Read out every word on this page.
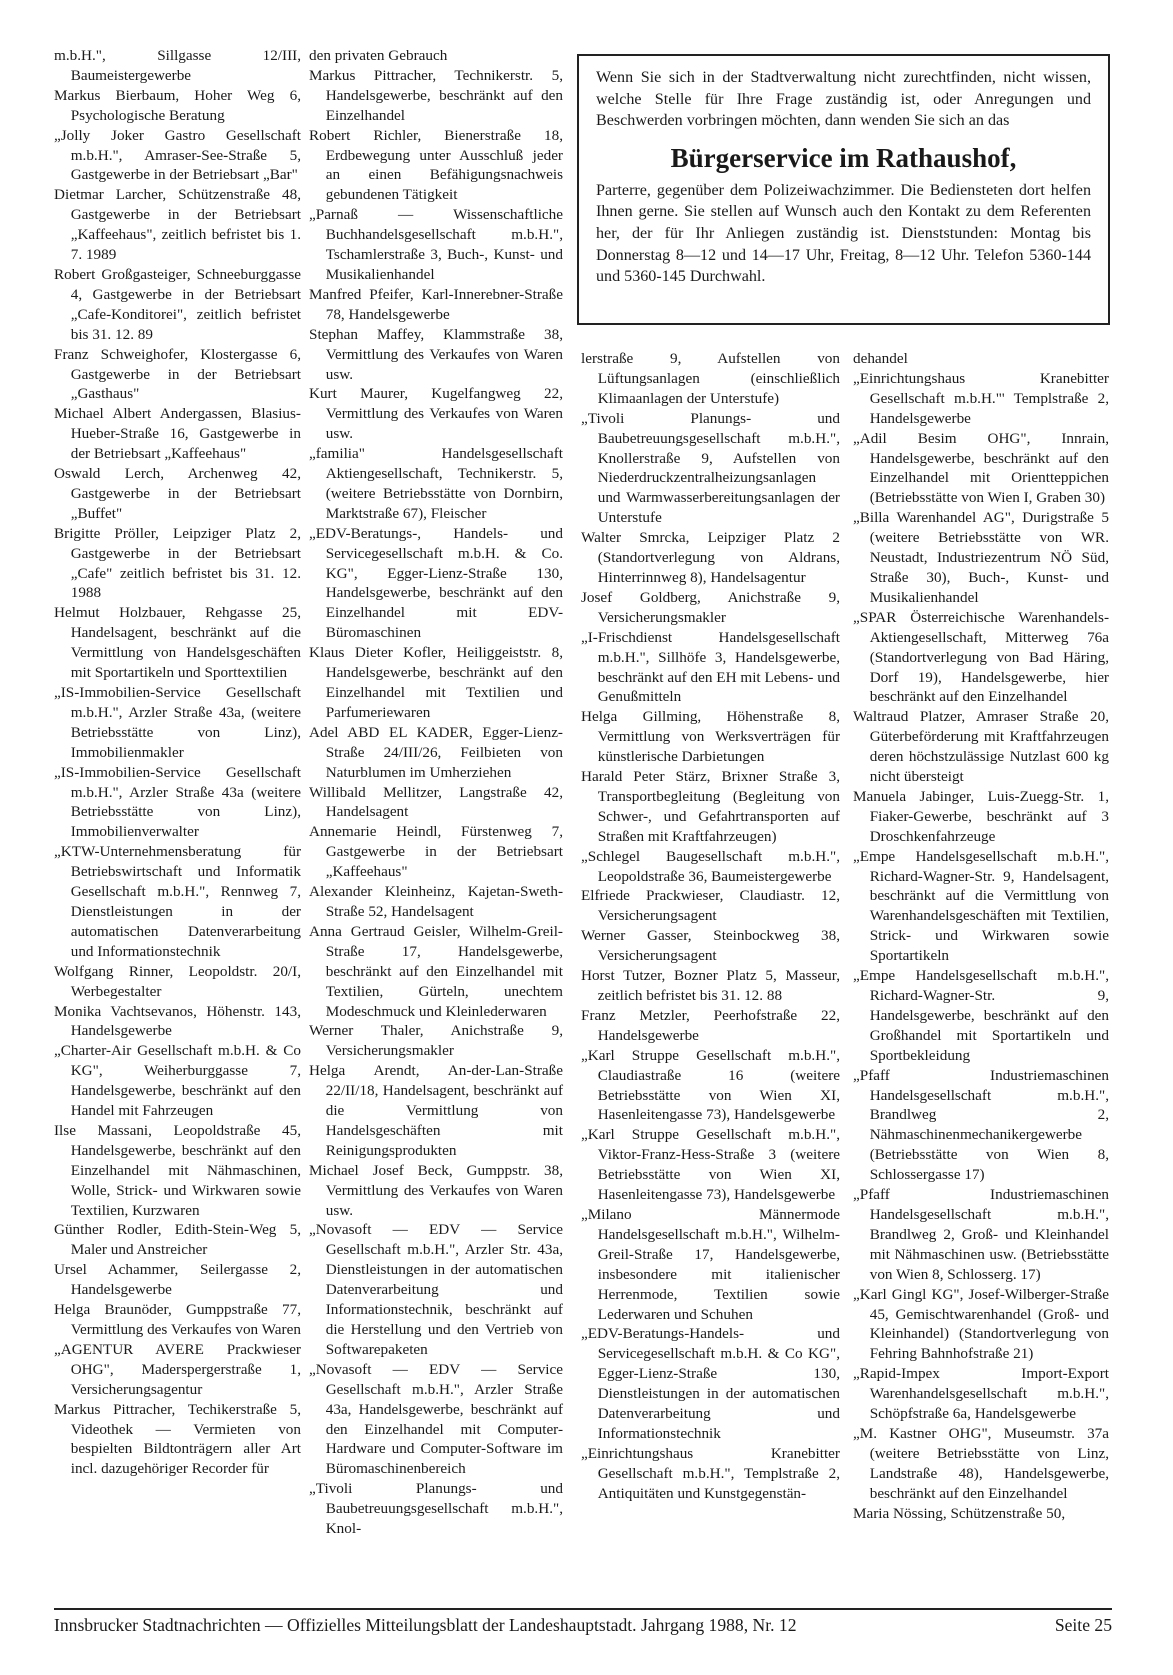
m.b.H.", Sillgasse 12/III, Baumeistergewerbe

Markus Bierbaum, Hoher Weg 6, Psychologische Beratung

„Jolly Joker Gastro Gesellschaft m.b.H.", Amraser-See-Straße 5, Gastgewerbe in der Betriebsart „Bar"

Dietmar Larcher, Schützenstraße 48, Gastgewerbe in der Betriebsart „Kaffeehaus", zeitlich befristet bis 1. 7. 1989

Robert Großgasteiger, Schneeburggasse 4, Gastgewerbe in der Betriebsart „Cafe-Konditorei", zeitlich befristet bis 31. 12. 89

Franz Schweighofer, Klostergasse 6, Gastgewerbe in der Betriebsart „Gasthaus"

Michael Albert Andergassen, Blasius-Hueber-Straße 16, Gastgewerbe in der Betriebsart „Kaffeehaus"

Oswald Lerch, Archenweg 42, Gastgewerbe in der Betriebsart „Buffet"

Brigitte Pröller, Leipziger Platz 2, Gastgewerbe in der Betriebsart „Cafe" zeitlich befristet bis 31. 12. 1988

Helmut Holzbauer, Rehgasse 25, Handelsagent, beschränkt auf die Vermittlung von Handelsgeschäften mit Sportartikeln und Sporttextilien

„IS-Immobilien-Service Gesellschaft m.b.H.", Arzler Straße 43a, (weitere Betriebsstätte von Linz), Immobilienmakler

„IS-Immobilien-Service Gesellschaft m.b.H.", Arzler Straße 43a (weitere Betriebsstätte von Linz), Immobilienverwalter

„KTW-Unternehmensberatung für Betriebswirtschaft und Informatik Gesellschaft m.b.H.", Rennweg 7, Dienstleistungen in der automatischen Datenverarbeitung und Informationstechnik

Wolfgang Rinner, Leopoldstr. 20/I, Werbegestalter

Monika Vachtsevanos, Höhenstr. 143, Handelsgewerbe

„Charter-Air Gesellschaft m.b.H. & Co KG", Weiherburggasse 7, Handelsgewerbe, beschränkt auf den Handel mit Fahrzeugen

Ilse Massani, Leopoldstraße 45, Handelsgewerbe, beschränkt auf den Einzelhandel mit Nähmaschinen, Wolle, Strick- und Wirkwaren sowie Textilien, Kurzwaren

Günther Rodler, Edith-Stein-Weg 5, Maler und Anstreicher

Ursel Achammer, Seilergasse 2, Handelsgewerbe

Helga Braunöder, Gumppstraße 77, Vermittlung des Verkaufes von Waren

„AGENTUR AVERE Prackwieser OHG", Maderspergerstraße 1, Versicherungsagentur

Markus Pittracher, Techikerstraße 5, Videothek — Vermieten von bespielten Bildtonträgern aller Art incl. dazugehöriger Recorder für

den privaten Gebrauch

Markus Pittracher, Technikerstr. 5, Handelsgewerbe, beschränkt auf den Einzelhandel

Robert Richler, Bienerstraße 18, Erdbewegung unter Ausschluß jeder an einen Befähigungsnachweis gebundenen Tätigkeit

„Parnaß — Wissenschaftliche Buchhandelsgesellschaft m.b.H.", Tschamlerstraße 3, Buch-, Kunst- und Musikalienhandel

Manfred Pfeifer, Karl-Innerebner-Straße 78, Handelsgewerbe

Stephan Maffey, Klammstraße 38, Vermittlung des Verkaufes von Waren usw.

Kurt Maurer, Kugelfangweg 22, Vermittlung des Verkaufes von Waren usw.

„familia" Handelsgesellschaft Aktiengesellschaft, Technikerstr. 5, (weitere Betriebsstätte von Dornbirn, Marktstraße 67), Fleischer

„EDV-Beratungs-, Handels- und Servicegesellschaft m.b.H. & Co. KG", Egger-Lienz-Straße 130, Handelsgewerbe, beschränkt auf den Einzelhandel mit EDV-Büromaschinen

Klaus Dieter Kofler, Heiliggeiststr. 8, Handelsgewerbe, beschränkt auf den Einzelhandel mit Textilien und Parfumeriewaren

Adel ABD EL KADER, Egger-Lienz-Straße 24/III/26, Feilbieten von Naturblumen im Umherziehen

Willibald Mellitzer, Langstraße 42, Handelsagent

Annemarie Heindl, Fürstenweg 7, Gastgewerbe in der Betriebsart „Kaffeehaus"

Alexander Kleinheinz, Kajetan-Sweth-Straße 52, Handelsagent

Anna Gertraud Geisler, Wilhelm-Greil-Straße 17, Handelsgewerbe, beschränkt auf den Einzelhandel mit Textilien, Gürteln, unechtem Modeschmuck und Kleinlederwaren

Werner Thaler, Anichstraße 9, Versicherungsmakler

Helga Arendt, An-der-Lan-Straße 22/II/18, Handelsagent, beschränkt auf die Vermittlung von Handelsgeschäften mit Reinigungsprodukten

Michael Josef Beck, Gumppstr. 38, Vermittlung des Verkaufes von Waren usw.

„Novasoft — EDV — Service Gesellschaft m.b.H.", Arzler Str. 43a, Dienstleistungen in der automatischen Datenverarbeitung und Informationstechnik, beschränkt auf die Herstellung und den Vertrieb von Softwarepaketen

„Novasoft — EDV — Service Gesellschaft m.b.H.", Arzler Straße 43a, Handelsgewerbe, beschränkt auf den Einzelhandel mit Computer-Hardware und Computer-Software im Büromaschinenbereich

„Tivoli Planungs- und Baubetreuungsgesellschaft m.b.H.", Knol-

Wenn Sie sich in der Stadtverwaltung nicht zurechtfinden, nicht wissen, welche Stelle für Ihre Frage zuständig ist, oder Anregungen und Beschwerden vorbringen möchten, dann wenden Sie sich an das

Bürgerservice im Rathaushof,

Parterre, gegenüber dem Polizeiwachzimmer. Die Bediensteten dort helfen Ihnen gerne. Sie stellen auf Wunsch auch den Kontakt zu dem Referenten her, der für Ihr Anliegen zuständig ist. Dienststunden: Montag bis Donnerstag 8—12 und 14—17 Uhr, Freitag, 8—12 Uhr. Telefon 5360-144 und 5360-145 Durchwahl.

lerstraße 9, Aufstellen von Lüftungsanlagen (einschließlich Klimaanlagen der Unterstufe)

„Tivoli Planungs- und Baubetreuungsgesellschaft m.b.H.", Knollerstraße 9, Aufstellen von Niederdruckzentralheizungsanlagen und Warmwasserbereitungsanlagen der Unterstufe

Walter Smrcka, Leipziger Platz 2 (Standortverlegung von Aldrans, Hinterrinnweg 8), Handelsagentur

Josef Goldberg, Anichstraße 9, Versicherungsmakler

„I-Frischdienst Handelsgesellschaft m.b.H.", Sillhöfe 3, Handelsgewerbe, beschränkt auf den EH mit Lebens- und Genußmitteln

Helga Gillming, Höhenstraße 8, Vermittlung von Werksverträgen für künstlerische Darbietungen

Harald Peter Stärz, Brixner Straße 3, Transportbegleitung (Begleitung von Schwer-, und Gefahrtransporten auf Straßen mit Kraftfahrzeugen)

„Schlegel Baugesellschaft m.b.H.", Leopoldstraße 36, Baumeistergewerbe

Elfriede Prackwieser, Claudiastr. 12, Versicherungsagent

Werner Gasser, Steinbockweg 38, Versicherungsagent

Horst Tutzer, Bozner Platz 5, Masseur, zeitlich befristet bis 31. 12. 88

Franz Metzler, Peerhofstraße 22, Handelsgewerbe

„Karl Struppe Gesellschaft m.b.H.", Claudiastraße 16 (weitere Betriebsstätte von Wien XI, Hasenleitengasse 73), Handelsgewerbe

„Karl Struppe Gesellschaft m.b.H.", Viktor-Franz-Hess-Straße 3 (weitere Betriebsstätte von Wien XI, Hasenleitengasse 73), Handelsgewerbe

„Milano Männermode Handelsgesellschaft m.b.H.", Wilhelm-Greil-Straße 17, Handelsgewerbe, insbesondere mit italienischer Herrenmode, Textilien sowie Lederwaren und Schuhen

„EDV-Beratungs-Handels- und Servicegesellschaft m.b.H. & Co KG", Egger-Lienz-Straße 130, Dienstleistungen in der automatischen Datenverarbeitung und Informationstechnik

„Einrichtungshaus Kranebitter Gesellschaft m.b.H.", Templstraße 2, Antiquitäten und Kunstgegenstän-

dehandel

„Einrichtungshaus Kranebitter Gesellschaft m.b.H."' Templstraße 2, Handelsgewerbe

„Adil Besim OHG", Innrain, Handelsgewerbe, beschränkt auf den Einzelhandel mit Orientteppichen (Betriebsstätte von Wien I, Graben 30)

„Billa Warenhandel AG", Durigstraße 5 (weitere Betriebsstätte von WR. Neustadt, Industriezentrum NÖ Süd, Straße 30), Buch-, Kunst- und Musikalienhandel

„SPAR Österreichische Warenhandels-Aktiengesellschaft, Mitterweg 76a (Standortverlegung von Bad Häring, Dorf 19), Handelsgewerbe, hier beschränkt auf den Einzelhandel

Waltraud Platzer, Amraser Straße 20, Güterbeförderung mit Kraftfahrzeugen deren höchstzulässige Nutzlast 600 kg nicht übersteigt

Manuela Jabinger, Luis-Zuegg-Str. 1, Fiaker-Gewerbe, beschränkt auf 3 Droschkenfahrzeuge

„Empe Handelsgesellschaft m.b.H.", Richard-Wagner-Str. 9, Handelsagent, beschränkt auf die Vermittlung von Warenhandelsgeschäften mit Textilien, Strick- und Wirkwaren sowie Sportartikeln

„Empe Handelsgesellschaft m.b.H.", Richard-Wagner-Str. 9, Handelsgewerbe, beschränkt auf den Großhandel mit Sportartikeln und Sportbekleidung

„Pfaff Industriemaschinen Handelsgesellschaft m.b.H.", Brandlweg 2, Nähmaschinenmechanikergewerbe (Betriebsstätte von Wien 8, Schlossergasse 17)

„Pfaff Industriemaschinen Handelsgesellschaft m.b.H.", Brandlweg 2, Groß- und Kleinhandel mit Nähmaschinen usw. (Betriebsstätte von Wien 8, Schlosserg. 17)

„Karl Gingl KG", Josef-Wilberger-Straße 45, Gemischtwarenhandel (Groß- und Kleinhandel) (Standortverlegung von Fehring Bahnhofstraße 21)

„Rapid-Impex Import-Export Warenhandelsgesellschaft m.b.H.", Schöpfstraße 6a, Handelsgewerbe

„M. Kastner OHG", Museumstr. 37a (weitere Betriebsstätte von Linz, Landstraße 48), Handelsgewerbe, beschränkt auf den Einzelhandel

Maria Nössing, Schützenstraße 50,

Innsbrucker Stadtnachrichten — Offizielles Mitteilungsblatt der Landeshauptstadt. Jahrgang 1988, Nr. 12	Seite 25
